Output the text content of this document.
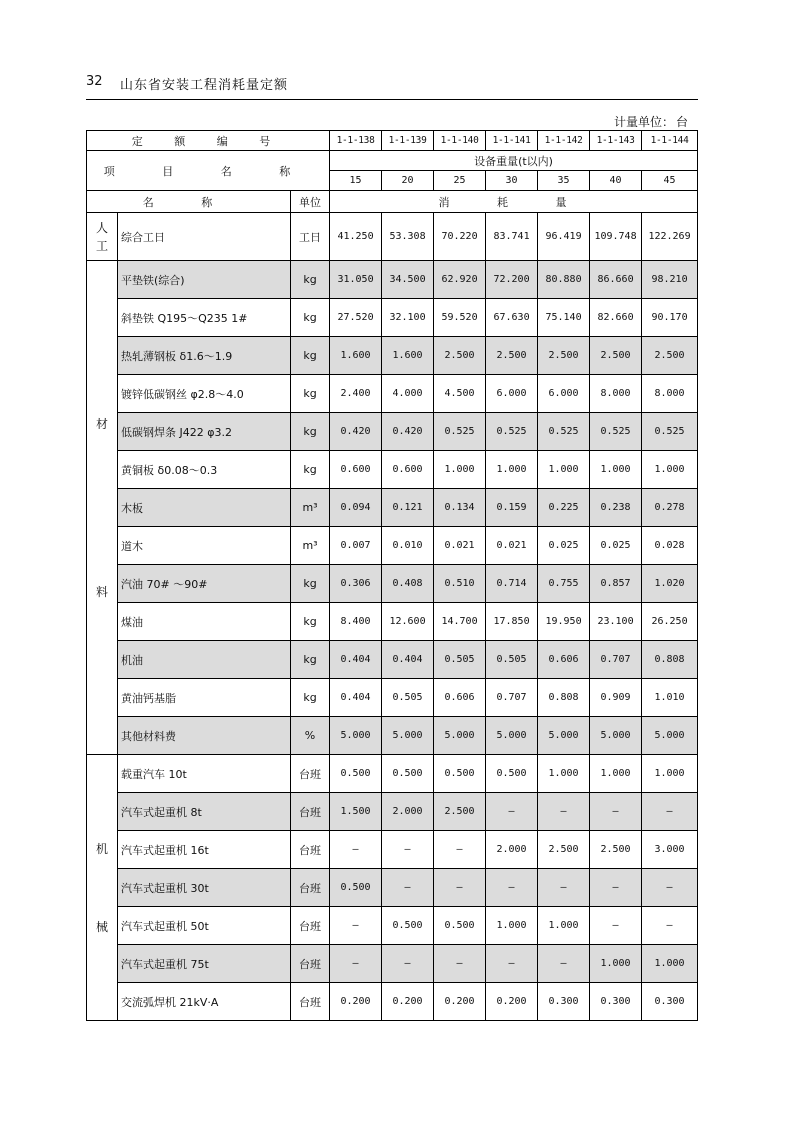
32 山东省安装工程消耗量定额
计量单位： 台
定 额 编 号			1-1-138	1-1-139	1-1-140	1-1-141	1-1-142	1-1-143	1-1-144
项 目 名 称			设备重量(t以内)						
			15	20	25	30	35	40	45
名 称		单位	消 耗 量						

人
工	综合工日	工日	41.250	53.308	70.220	83.741	96.419	109.748	122.269

材
料	平垫铁(综合)	kg	31.050	34.500	62.920	72.200	80.880	86.660	98.210
	斜垫铁 Q195～Q235 1#	kg	27.520	32.100	59.520	67.630	75.140	82.660	90.170
	热轧薄钢板 δ1.6～1.9	kg	1.600	1.600	2.500	2.500	2.500	2.500	2.500
	镀锌低碳钢丝 φ2.8～4.0	kg	2.400	4.000	4.500	6.000	6.000	8.000	8.000
	低碳钢焊条 J422 φ3.2	kg	0.420	0.420	0.525	0.525	0.525	0.525	0.525
	黄铜板 δ0.08～0.3	kg	0.600	0.600	1.000	1.000	1.000	1.000	1.000
	木板	m³	0.094	0.121	0.134	0.159	0.225	0.238	0.278
	道木	m³	0.007	0.010	0.021	0.021	0.025	0.025	0.028
	汽油 70# ～90#	kg	0.306	0.408	0.510	0.714	0.755	0.857	1.020
	煤油	kg	8.400	12.600	14.700	17.850	19.950	23.100	26.250
	机油	kg	0.404	0.404	0.505	0.505	0.606	0.707	0.808
	黄油钙基脂	kg	0.404	0.505	0.606	0.707	0.808	0.909	1.010
	其他材料费	%	5.000	5.000	5.000	5.000	5.000	5.000	5.000

机
械	载重汽车 10t	台班	0.500	0.500	0.500	0.500	1.000	1.000	1.000
	汽车式起重机 8t	台班	1.500	2.000	2.500	—	—	—	—
	汽车式起重机 16t	台班	—	—	—	2.000	2.500	2.500	3.000
	汽车式起重机 30t	台班	0.500	—	—	—	—	—	—
	汽车式起重机 50t	台班	—	0.500	0.500	1.000	1.000	—	—
	汽车式起重机 75t	台班	—	—	—	—	—	1.000	1.000
	交流弧焊机 21kV·A	台班	0.200	0.200	0.200	0.200	0.300	0.300	0.300
